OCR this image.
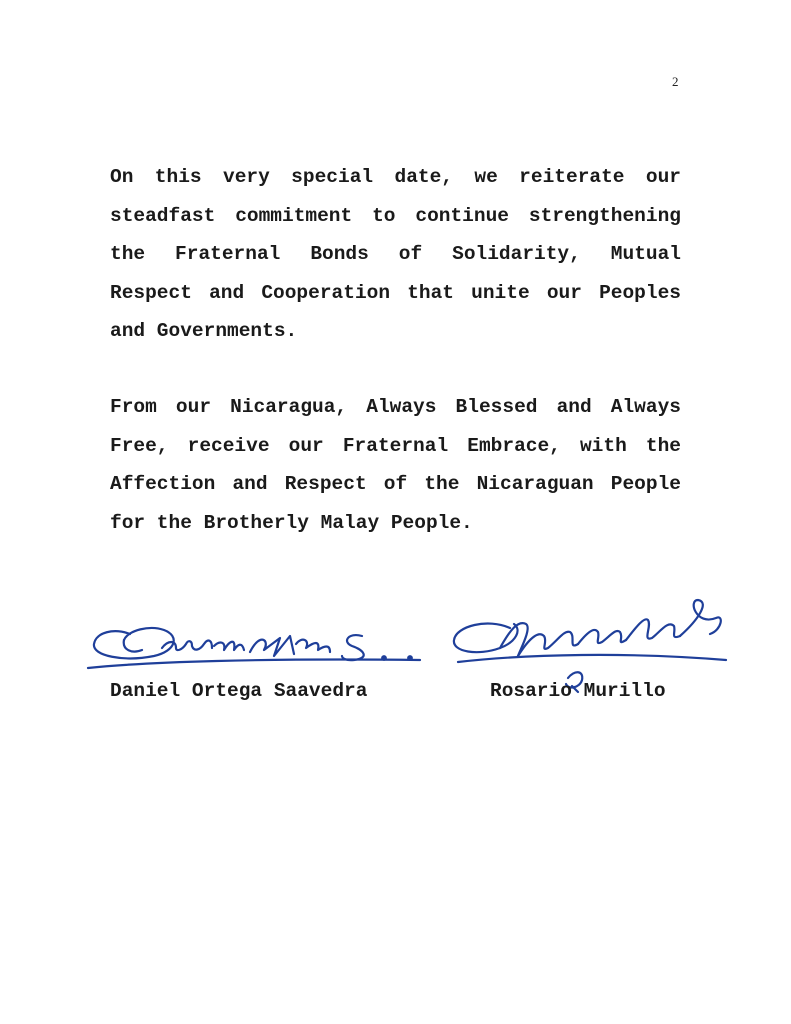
2

On this very special date, we reiterate our steadfast commitment to continue strengthening the Fraternal Bonds of Solidarity, Mutual Respect and Cooperation that unite our Peoples and Governments.

From our Nicaragua, Always Blessed and Always Free, receive our Fraternal Embrace, with the Affection and Respect of the Nicaraguan People for the Brotherly Malay People.

Daniel Ortega Saavedra	Rosario Murillo
